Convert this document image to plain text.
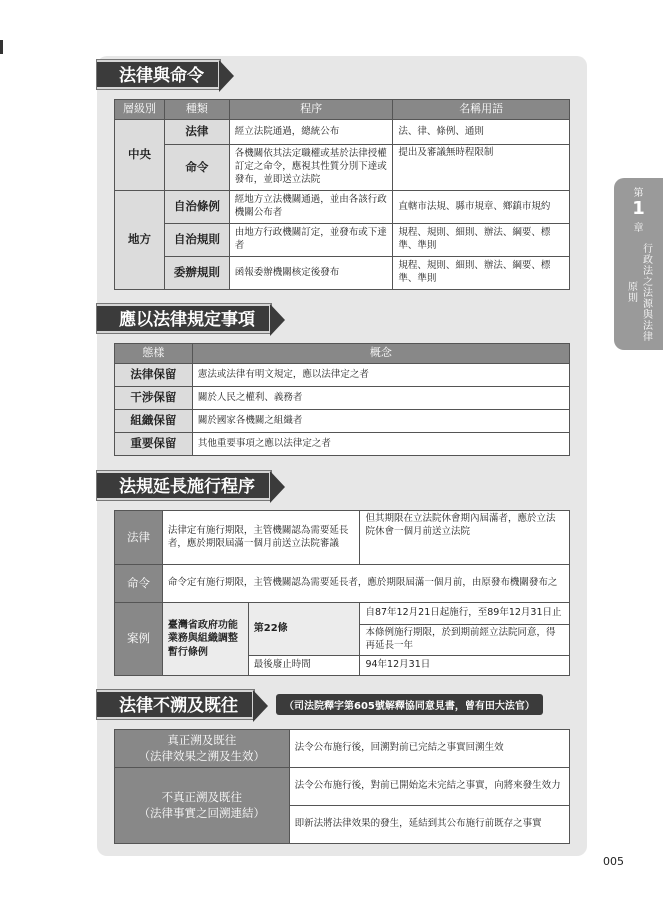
法律與命令
層級別	種類	程序	名稱用語
中央	法律	經立法院通過，總統公布	法、律、條例、通則
	命令	各機關依其法定職權或基於法律授權訂定之命令，應視其性質分別下達或發布，並即送立法院	提出及審議無時程限制
地方	自治條例	經地方立法機關通過，並由各該行政機關公布者	直轄市法規、縣市規章、鄉鎮市規約
	自治規則	由地方行政機關訂定，並發布或下達者	規程、規則、細則、辦法、綱要、標準、準則
	委辦規則	函報委辦機關核定後發布	規程、規則、細則、辦法、綱要、標準、準則
應以法律規定事項
態樣	概念
法律保留	憲法或法律有明文規定，應以法律定之者
干涉保留	關於人民之權利、義務者
組織保留	關於國家各機關之組織者
重要保留	其他重要事項之應以法律定之者
法規延長施行程序
法律	法律定有施行期限，主管機關認為需要延長者，應於期限屆滿一個月前送立法院審議		但其期限在立法院休會期內屆滿者，應於立法院休會一個月前送立法院
命令	命令定有施行期限，主管機關認為需要延長者，應於期限屆滿一個月前，由原發布機關發布之		
案例	臺灣省政府功能業務與組織調整暫行條例	第22條	自87年12月21日起施行，至89年12月31日止
			本條例施行期限，於到期前經立法院同意，得再延長一年
		最後廢止時間	94年12月31日
法律不溯及既往	（司法院釋字第605號解釋協同意見書，曾有田大法官）
真正溯及既往
（法律效果之溯及生效）	法令公布施行後，回溯對前已完結之事實回溯生效
不真正溯及既往
（法律事實之回溯連結）	法令公布施行後，對前已開始迄未完結之事實，向將來發生效力
	即新法將法律效果的發生，延結到其公布施行前既存之事實
第
1
章
行政法之法源與法律原則
005
